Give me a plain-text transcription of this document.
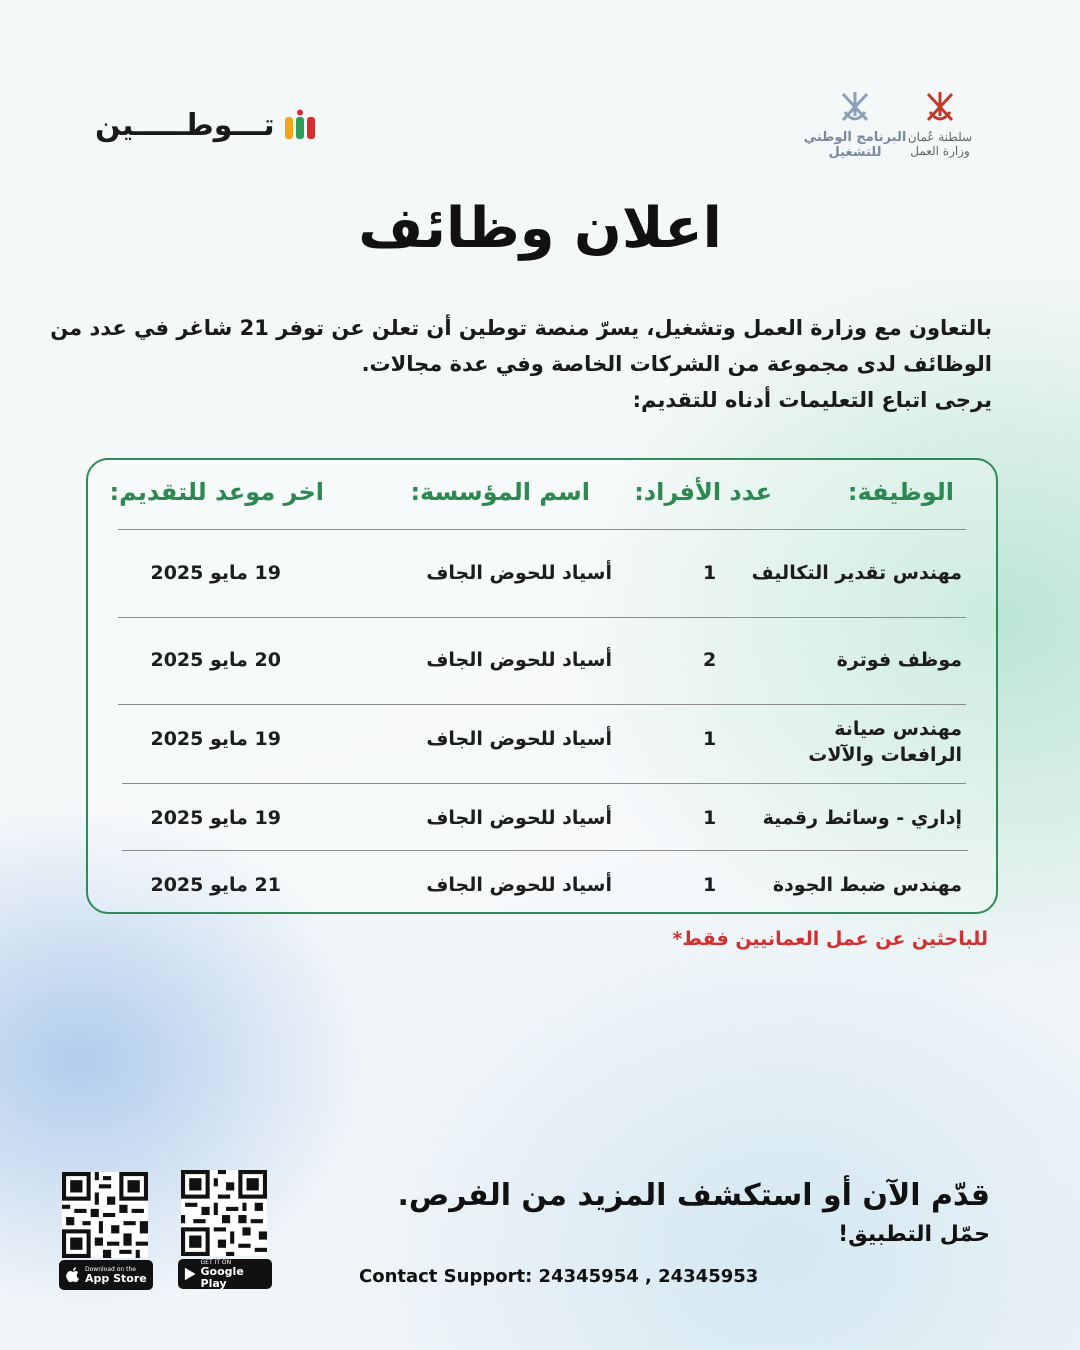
تـــوطـــــين	البرنامج الوطني
للتشغيل
سلطنة عُمان
وزارة العمل
اعلان وظائف
بالتعاون مع وزارة العمل وتشغيل، يسرّ منصة توطين أن تعلن عن توفر 21 شاغر في عدد من
الوظائف لدى مجموعة من الشركات الخاصة وفي عدة مجالات.
يرجى اتباع التعليمات أدناه للتقديم:
الوظيفة:
عدد الأفراد:
اسم المؤسسة:
اخر موعد للتقديم:
مهندس تقدير التكاليف
1
أسياد للحوض الجاف
19 مايو 2025
موظف فوترة
2
أسياد للحوض الجاف
20 مايو 2025
مهندس صيانة
الرافعات والآلات
1
أسياد للحوض الجاف
19 مايو 2025
إداري - وسائط رقمية
1
أسياد للحوض الجاف
19 مايو 2025
مهندس ضبط الجودة
1
أسياد للحوض الجاف
21 مايو 2025
للباحثين عن عمل العمانيين فقط*
قدّم الآن أو استكشف المزيد من الفرص.
حمّل التطبيق!
Contact Support: 24345954 , 24345953
Download on the
App Store
GET IT ON
Google Play
